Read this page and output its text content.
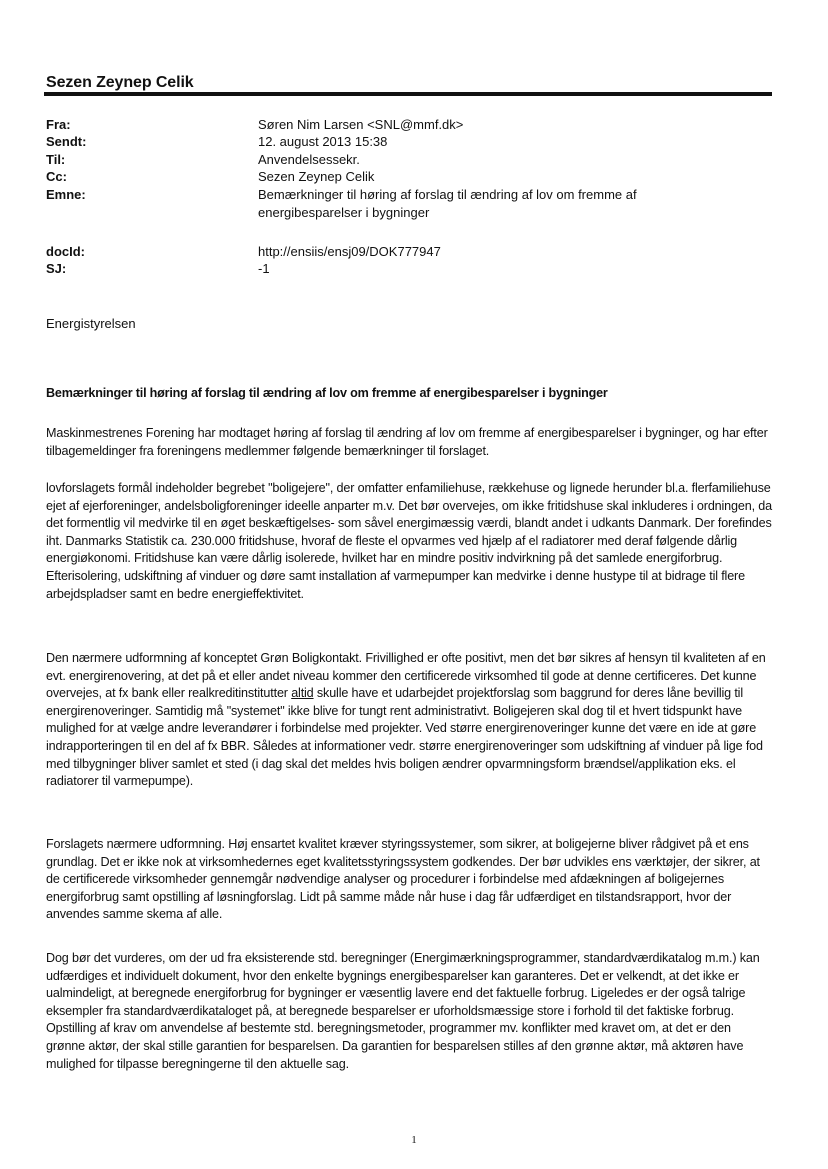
Sezen Zeynep Celik
Fra:	Søren Nim Larsen <SNL@mmf.dk>
Sendt:	12. august 2013 15:38
Til:	Anvendelsessekr.
Cc:	Sezen Zeynep Celik
Emne:	Bemærkninger til høring af forslag til ændring af lov om fremme af energibesparelser i bygninger
docId:	http://ensiis/ensj09/DOK777947
SJ:	-1
Energistyrelsen
Bemærkninger til høring af forslag til ændring af lov om fremme af energibesparelser i bygninger

Maskinmestrenes Forening har modtaget høring af forslag til ændring af lov om fremme af energibesparelser i bygninger, og har efter tilbagemeldinger fra foreningens medlemmer følgende bemærkninger til forslaget.

lovforslagets formål indeholder begrebet "boligejere", der omfatter enfamiliehuse, rækkehuse og lignede herunder bl.a. flerfamiliehuse ejet af ejerforeninger, andelsboligforeninger ideelle anparter m.v. Det bør overvejes, om ikke fritidshuse skal inkluderes i ordningen, da det formentlig vil medvirke til en øget beskæftigelses- som såvel energimæssig værdi, blandt andet i udkants Danmark. Der forefindes iht. Danmarks Statistik ca. 230.000 fritidshuse, hvoraf de fleste el opvarmes ved hjælp af el radiatorer med deraf følgende dårlig energiøkonomi. Fritidshuse kan være dårlig isolerede, hvilket har en mindre positiv indvirkning på det samlede energiforbrug. Efterisolering, udskiftning af vinduer og døre samt installation af varmepumper kan medvirke i denne hustype til at bidrage til flere arbejdspladser samt en bedre energieffektivitet.

Den nærmere udformning af konceptet Grøn Boligkontakt. Frivillighed er ofte positivt, men det bør sikres af hensyn til kvaliteten af en evt. energirenovering, at det på et eller andet niveau kommer den certificerede virksomhed til gode at denne certificeres. Det kunne overvejes, at fx bank eller realkreditinstitutter altid skulle have et udarbejdet projektforslag som baggrund for deres låne bevillig til energirenoveringer. Samtidig må "systemet" ikke blive for tungt rent administrativt. Boligejeren skal dog til et hvert tidspunkt have mulighed for at vælge andre leverandører i forbindelse med projekter. Ved større energirenoveringer kunne det være en ide at gøre indrapporteringen til en del af fx BBR. Således at informationer vedr. større energirenoveringer som udskiftning af vinduer på lige fod med tilbygninger bliver samlet et sted (i dag skal det meldes hvis boligen ændrer opvarmningsform brændsel/applikation eks. el radiatorer til varmepumpe).

Forslagets nærmere udformning. Høj ensartet kvalitet kræver styringssystemer, som sikrer, at boligejerne bliver rådgivet på et ens grundlag. Det er ikke nok at virksomhedernes eget kvalitetsstyringssystem godkendes. Der bør udvikles ens værktøjer, der sikrer, at de certificerede virksomheder gennemgår nødvendige analyser og procedurer i forbindelse med afdækningen af boligejernes energiforbrug samt opstilling af løsningforslag. Lidt på samme måde når huse i dag får udfærdiget en tilstandsrapport, hvor der anvendes samme skema af alle.

Dog bør det vurderes, om der ud fra eksisterende std. beregninger (Energimærkningsprogrammer, standardværdikatalog m.m.) kan udfærdiges et individuelt dokument, hvor den enkelte bygnings energibesparelser kan garanteres. Det er velkendt, at det ikke er ualmindeligt, at beregnede energiforbrug for bygninger er væsentlig lavere end det faktuelle forbrug. Ligeledes er der også talrige eksempler fra standardværdikataloget på, at beregnede besparelser er uforholdsmæssige store i forhold til det faktiske forbrug. Opstilling af krav om anvendelse af bestemte std. beregningsmetoder, programmer mv. konflikter med kravet om, at det er den grønne aktør, der skal stille garantien for besparelsen. Da garantien for besparelsen stilles af den grønne aktør, må aktøren have mulighed for tilpasse beregningerne til den aktuelle sag.

1
